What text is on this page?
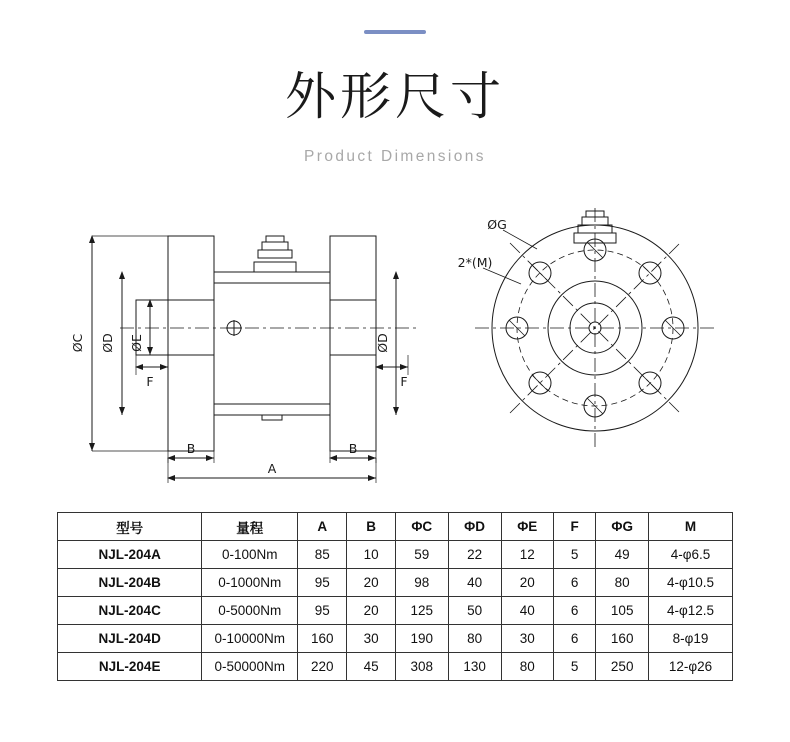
外形尺寸
Product Dimensions
ØC ØD ØE	ØD
F	F
B	B
A
ØG
2*(M)
型号	量程	A	B	ΦC	ΦD	ΦE	F	ΦG	M
NJL-204A	0-100Nm	85	10	59	22	12	5	49	4-φ6.5
NJL-204B	0-1000Nm	95	20	98	40	20	6	80	4-φ10.5
NJL-204C	0-5000Nm	95	20	125	50	40	6	105	4-φ12.5
NJL-204D	0-10000Nm	160	30	190	80	30	6	160	8-φ19
NJL-204E	0-50000Nm	220	45	308	130	80	5	250	12-φ26
